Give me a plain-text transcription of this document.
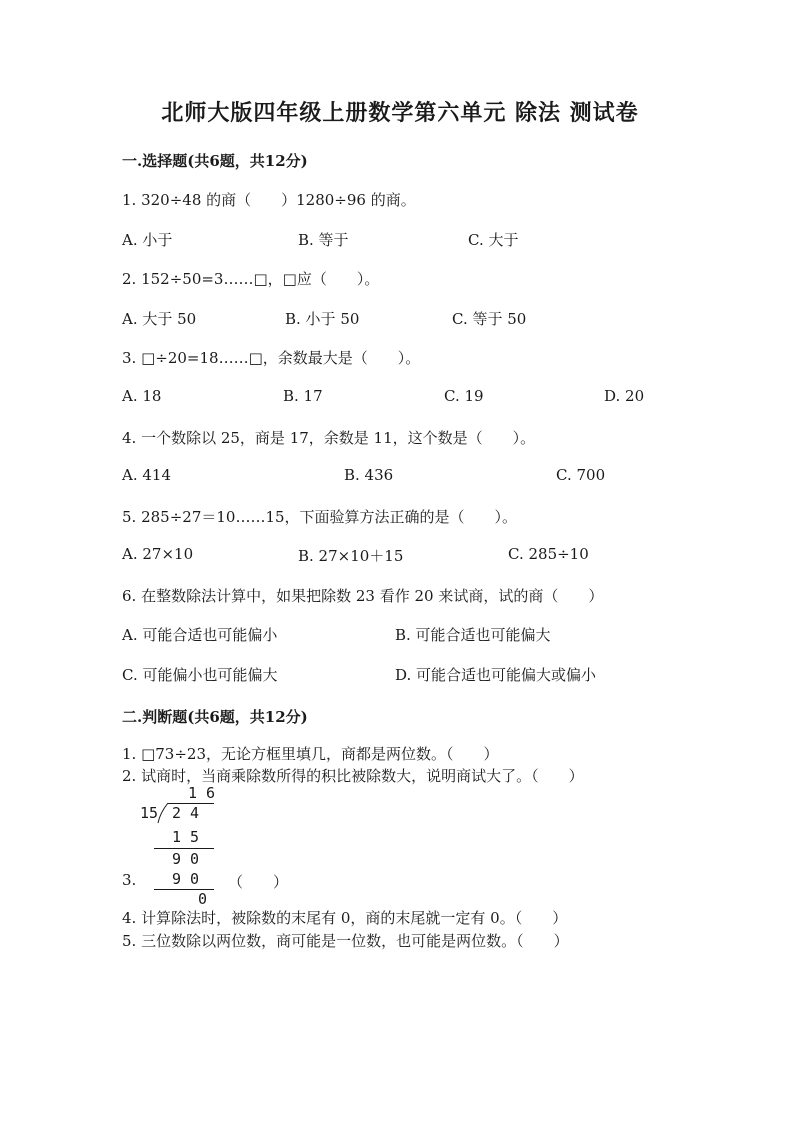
北师大版四年级上册数学第六单元 除法 测试卷
一.选择题(共6题，共12分)
1. 320÷48 的商（　　）1280÷96 的商。
A. 小于	B. 等于	C. 大于
2. 152÷50=3……□，□应（　　）。
A. 大于 50	B. 小于 50	C. 等于 50
3. □÷20=18……□，余数最大是（　　）。
A. 18	B. 17	C. 19	D. 20
4. 一个数除以 25，商是 17，余数是 11，这个数是（　　）。
A. 414	B. 436	C. 700
5. 285÷27＝10……15，下面验算方法正确的是（　　）。
A. 27×10	B. 27×10＋15	C. 285÷10
6. 在整数除法计算中，如果把除数 23 看作 20 来试商，试的商（　　）
A. 可能合适也可能偏小	B. 可能合适也可能偏大
C. 可能偏小也可能偏大	D. 可能合适也可能偏大或偏小
二.判断题(共6题，共12分)
1. □73÷23，无论方框里填几，商都是两位数。（　　）
2. 试商时，当商乘除数所得的积比被除数大，说明商试大了。（　　）
1 6
15 2 4
1 5
9 0
9 0
0
3.	（　　）
4. 计算除法时，被除数的末尾有 0，商的末尾就一定有 0。（　　）
5. 三位数除以两位数，商可能是一位数，也可能是两位数。（　　）
